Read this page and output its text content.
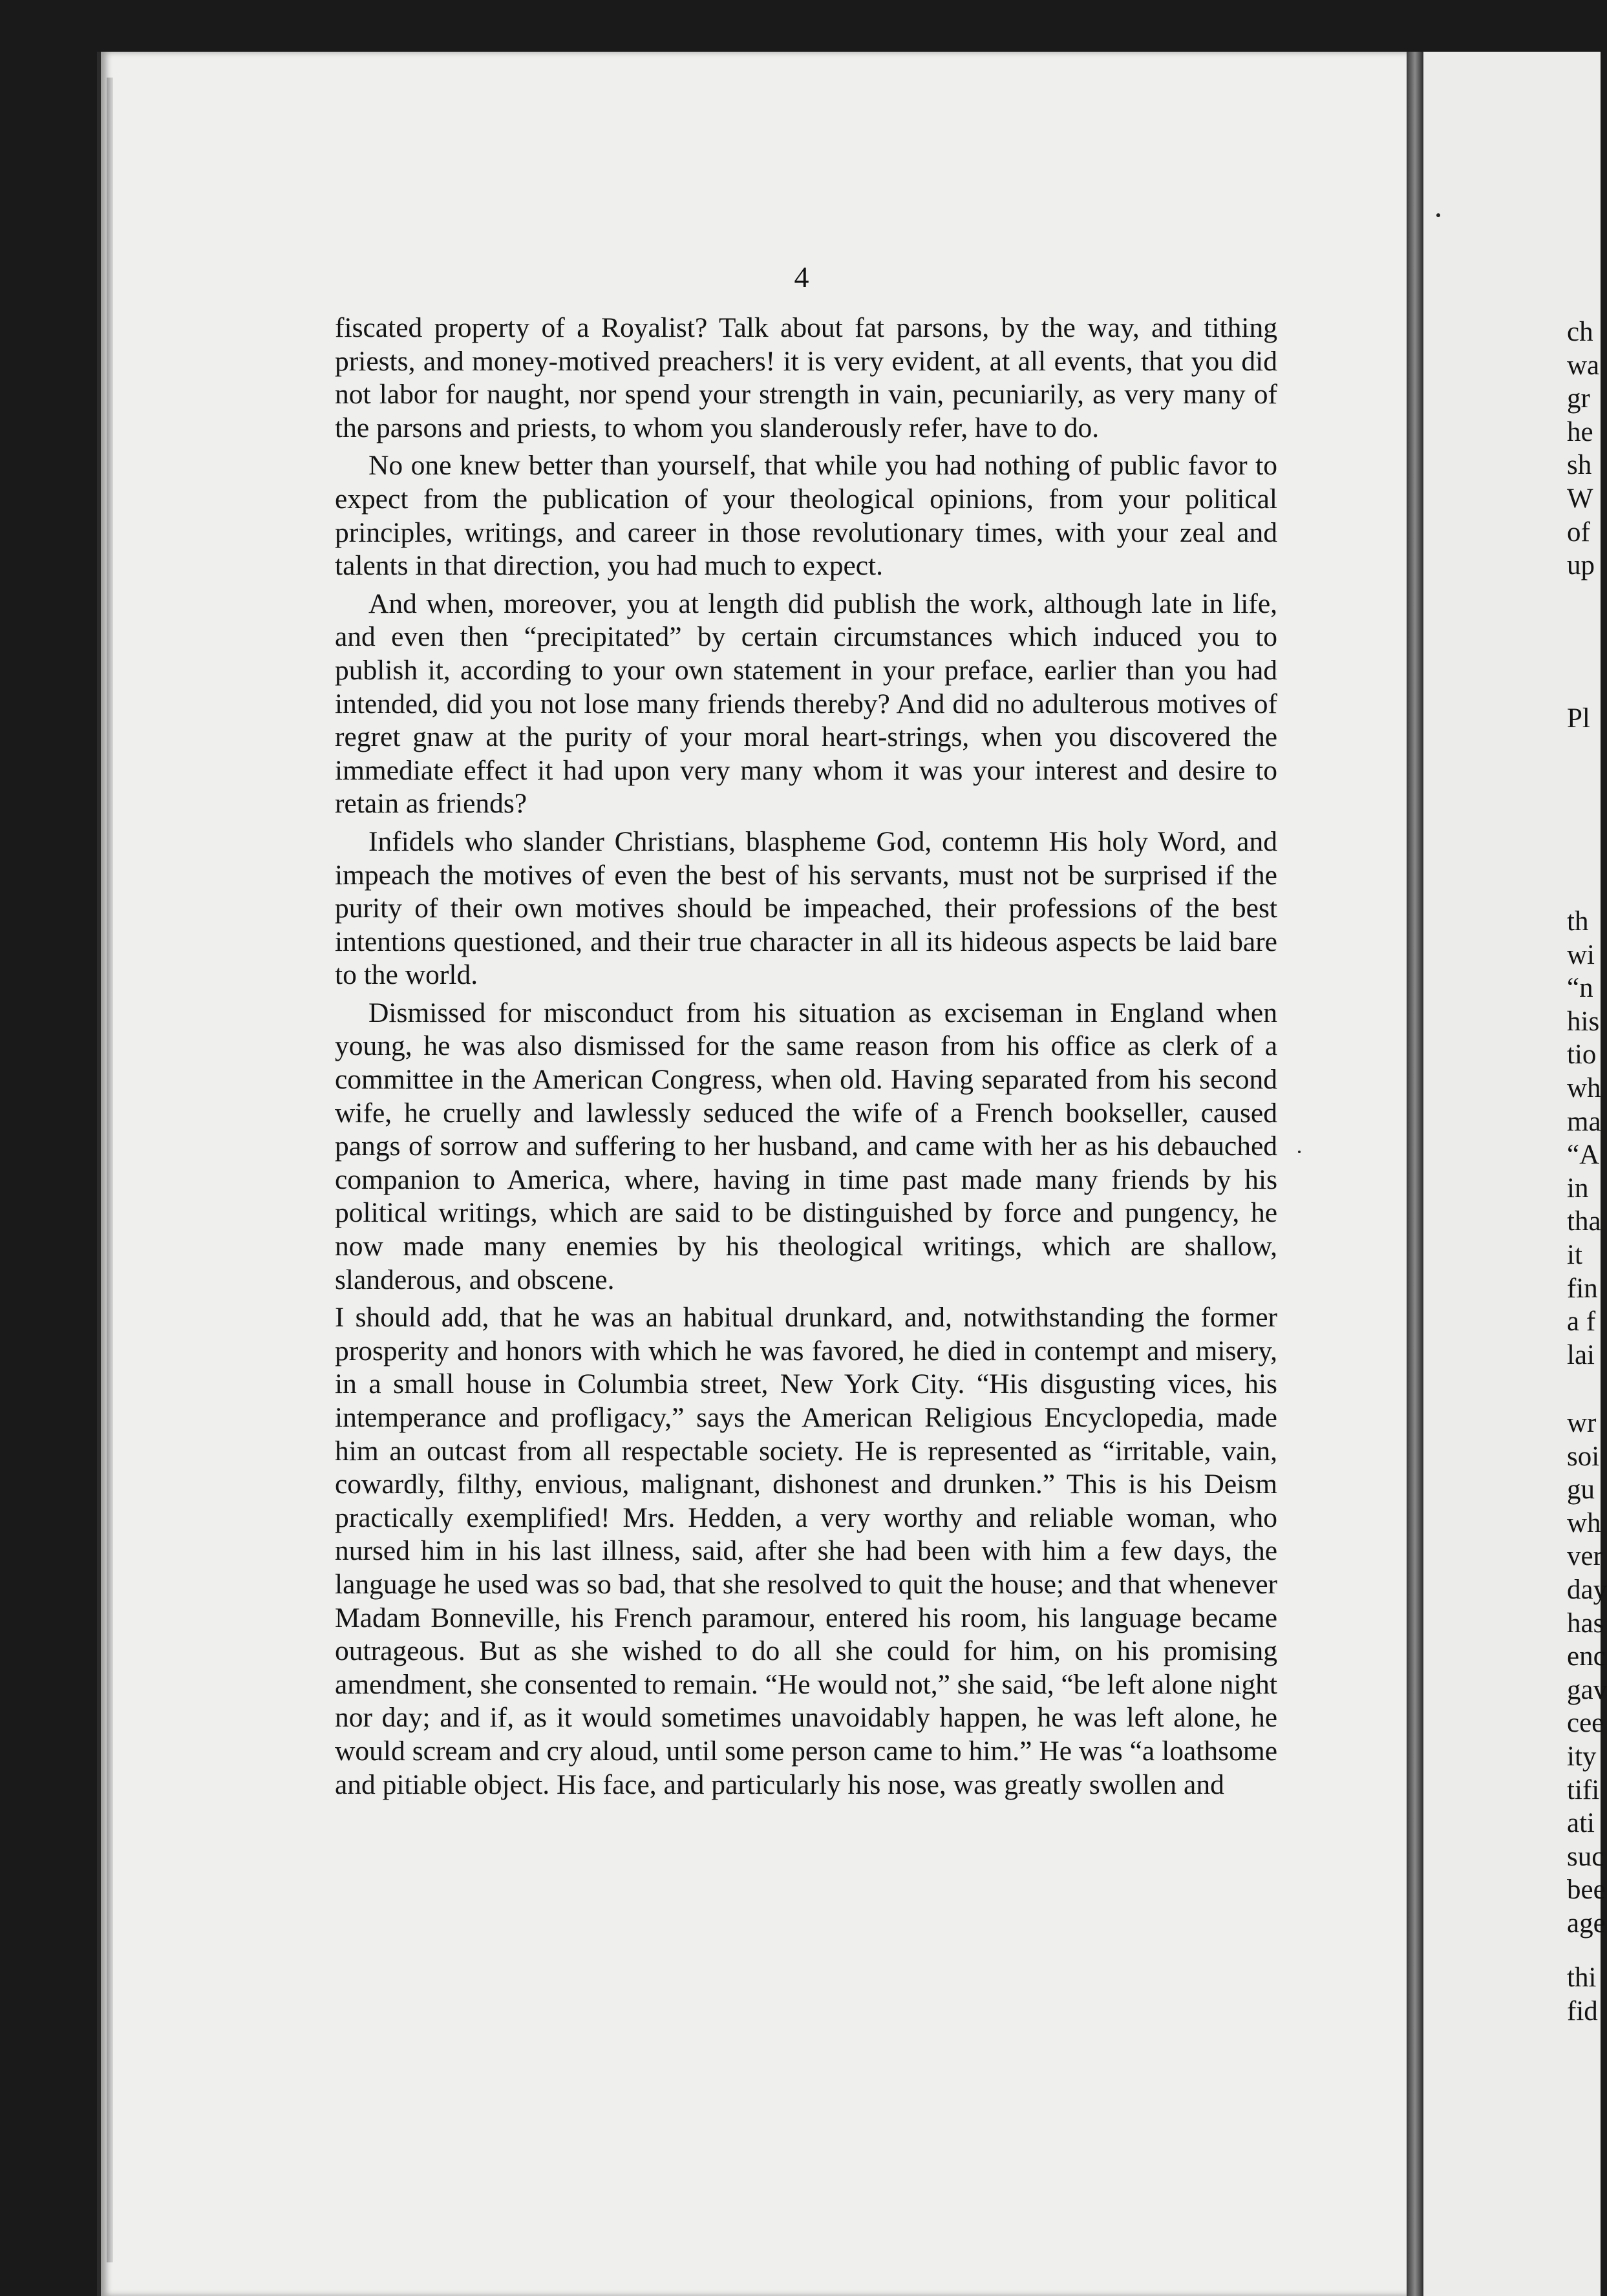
4

fiscated property of a Royalist? Talk about fat parsons, by the way, and tithing priests, and money-motived preachers! it is very evident, at all events, that you did not labor for naught, nor spend your strength in vain, pecuniarily, as very many of the parsons and priests, to whom you slanderously refer, have to do.

No one knew better than yourself, that while you had nothing of public favor to expect from the publication of your theological opinions, from your political principles, writings, and career in those revolutionary times, with your zeal and talents in that direction, you had much to expect.

And when, moreover, you at length did publish the work, although late in life, and even then “precipitated” by certain circumstances which induced you to publish it, according to your own statement in your preface, earlier than you had intended, did you not lose many friends thereby? And did no adulterous motives of regret gnaw at the purity of your moral heart-strings, when you discovered the immediate effect it had upon very many whom it was your interest and desire to retain as friends?

Infidels who slander Christians, blaspheme God, contemn His holy Word, and impeach the motives of even the best of his servants, must not be surprised if the purity of their own motives should be impeached, their professions of the best intentions questioned, and their true character in all its hideous aspects be laid bare to the world.

Dismissed for misconduct from his situation as exciseman in England when young, he was also dismissed for the same reason from his office as clerk of a committee in the American Congress, when old. Having separated from his second wife, he cruelly and lawlessly seduced the wife of a French bookseller, caused pangs of sorrow and suffering to her husband, and came with her as his debauched companion to America, where, having in time past made many friends by his political writings, which are said to be distinguished by force and pungency, he now made many enemies by his theological writings, which are shallow, slanderous, and obscene.

I should add, that he was an habitual drunkard, and, notwithstanding the former prosperity and honors with which he was favored, he died in contempt and misery, in a small house in Columbia street, New York City. “His disgusting vices, his intemperance and profligacy,” says the American Religious Encyclopedia, made him an outcast from all respectable society. He is represented as “irritable, vain, cowardly, filthy, envious, malignant, dishonest and drunken.” This is his Deism practically exemplified! Mrs. Hedden, a very worthy and reliable woman, who nursed him in his last illness, said, after she had been with him a few days, the language he used was so bad, that she resolved to quit the house; and that whenever Madam Bonneville, his French paramour, entered his room, his language became outrageous. But as she wished to do all she could for him, on his promising amendment, she consented to remain. “He would not,” she said, “be left alone night nor day; and if, as it would sometimes unavoidably happen, he was left alone, he would scream and cry aloud, until some person came to him.” He was “a loathsome and pitiable object. His face, and particularly his nose, was greatly swollen and

ch
wa
gr
he
sh
W
of
up
Pl
th
wi
“n
his
tio
wh
ma
“A
in
tha
it
fin
a f
lai
wr
soi
gu
wh
ver
day
has
enc
gav
cee
ity
tifi
ati
suc
bee
age
thi
fid
